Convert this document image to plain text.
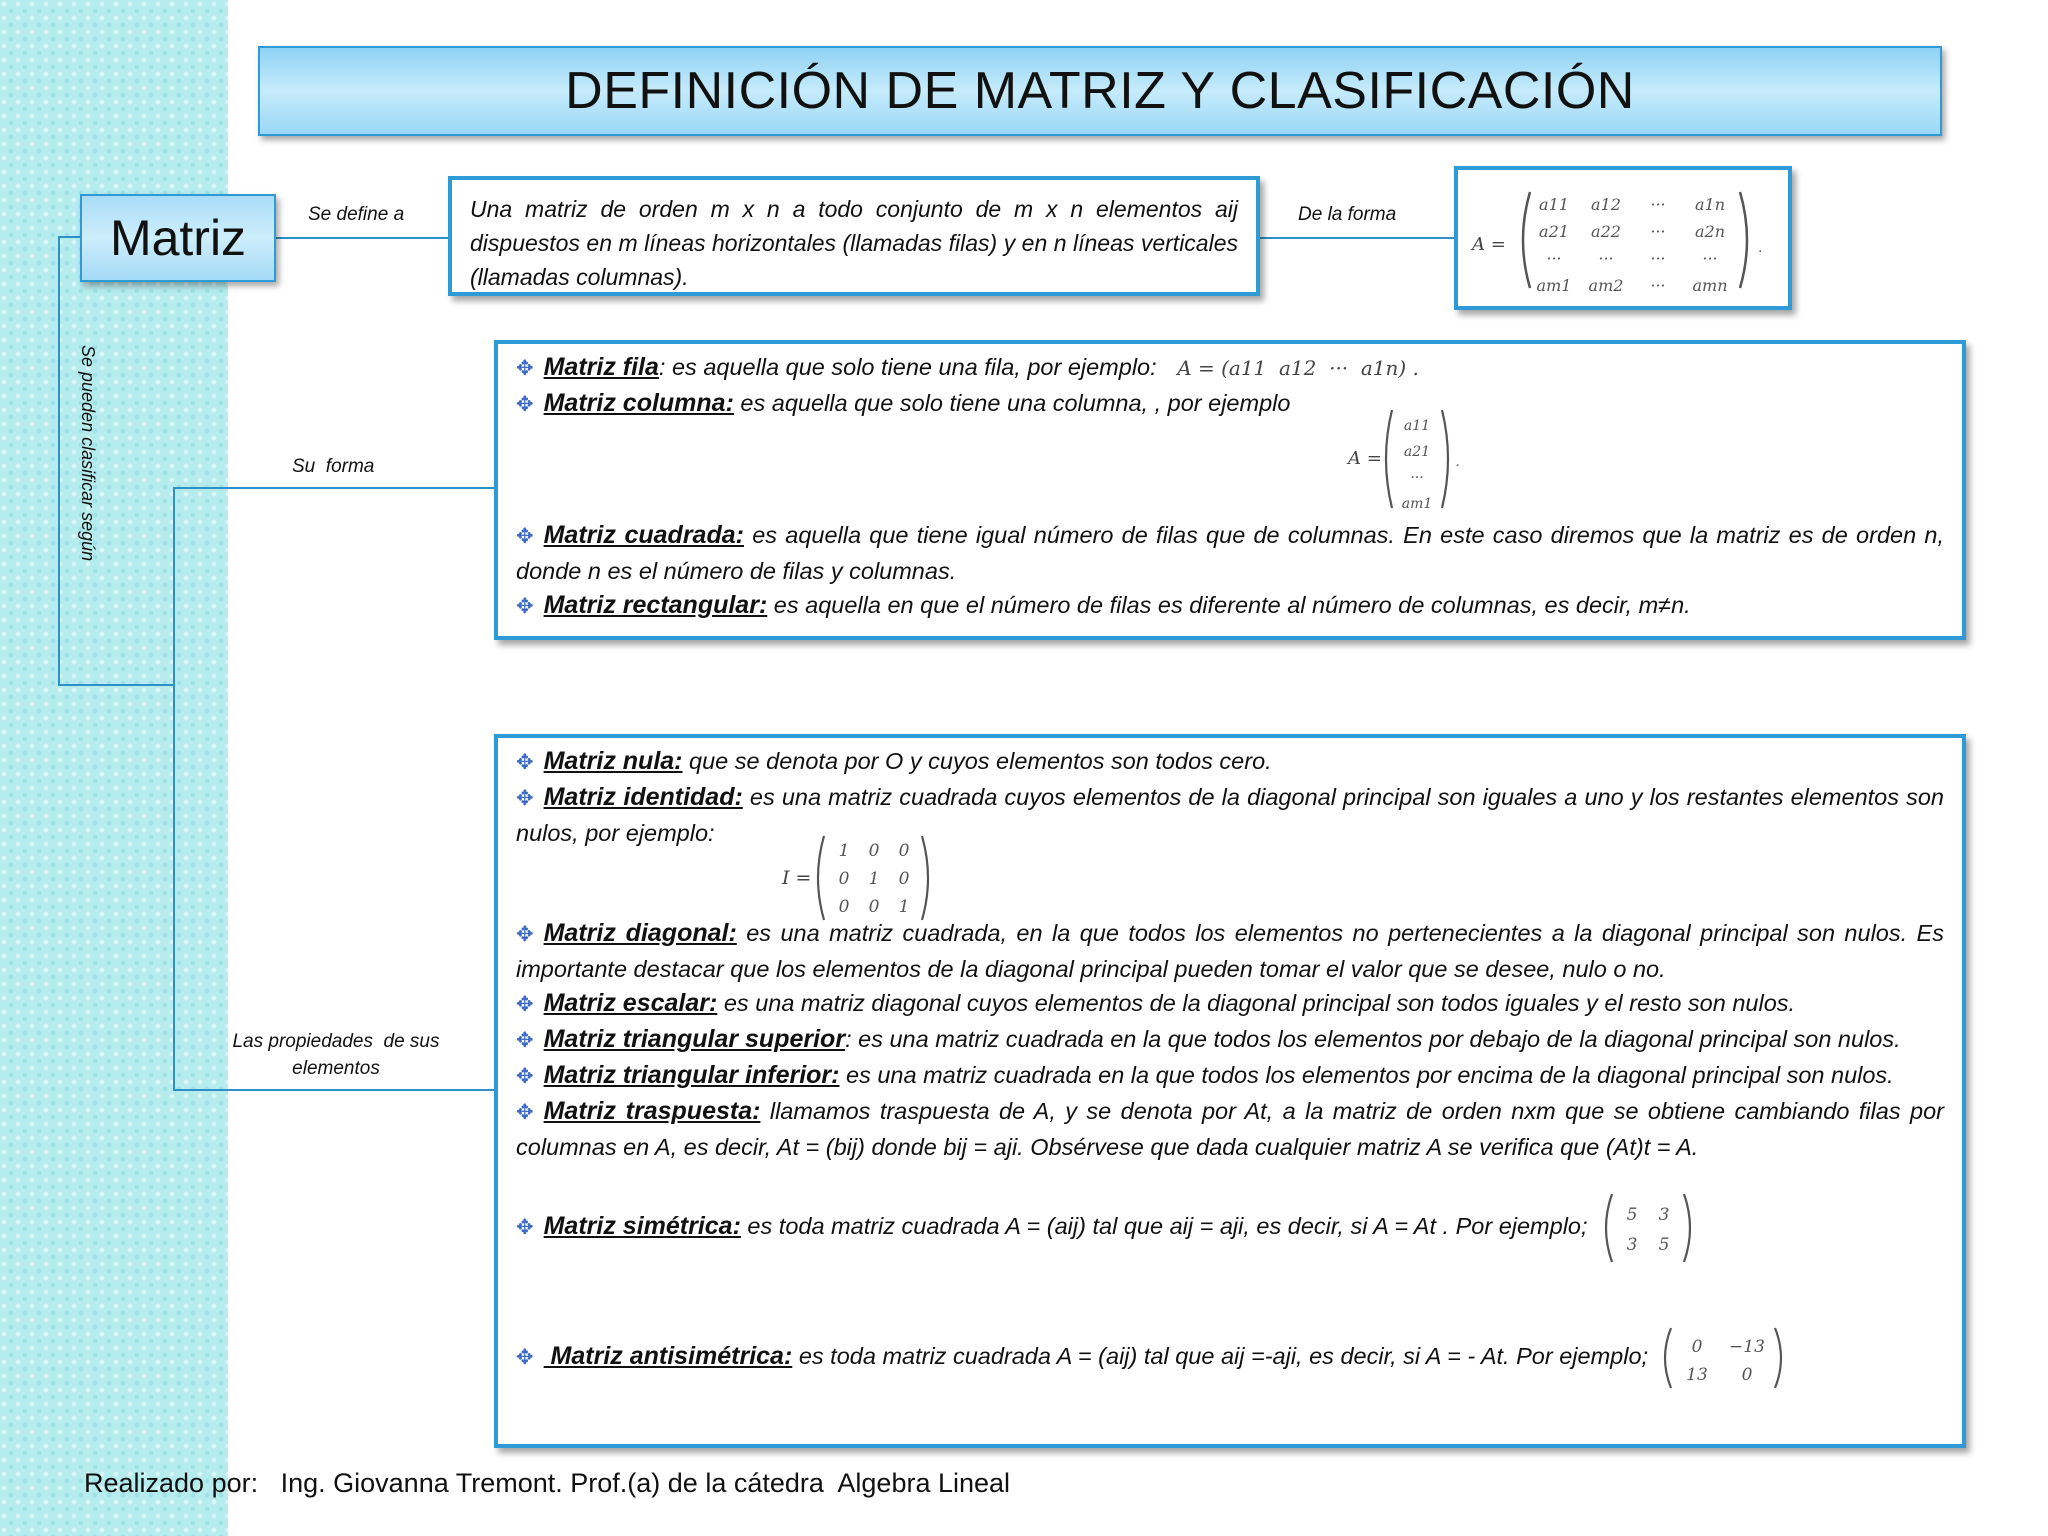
DEFINICIÓN DE MATRIZ Y CLASIFICACIÓN
Matriz	Se define a	De la forma
Se pueden clasificar según	Su  forma
Las propiedades  de sus
elementos
Una matriz de orden m x n a todo conjunto de m x n elementos aij dispuestos en m líneas horizontales (llamadas filas) y en n líneas verticales (llamadas columnas).
A =
a11 a12 ··· a1n
a21 a22 ··· a2n
··· ··· ··· ···
am1 am2 ··· amn
.
✥ Matriz fila: es aquella que solo tiene una fila, por ejemplo: A = (a11  a12  ···  a1n) .
✥ Matriz columna: es aquella que solo tiene una columna, , por ejemplo
A =
a11
a21
···
am1
.
✥ Matriz cuadrada: es aquella que tiene igual número de filas que de columnas. En este caso diremos que la matriz es de orden n, donde n es el número de filas y columnas.
✥ Matriz rectangular: es aquella en que el número de filas es diferente al número de columnas, es decir, m≠n.
✥ Matriz nula: que se denota por O y cuyos elementos son todos cero.
✥ Matriz identidad: es una matriz cuadrada cuyos elementos de la diagonal principal son iguales a uno y los restantes elementos son nulos, por ejemplo:
I =
1 0 0
0 1 0
0 0 1
✥ Matriz diagonal: es una matriz cuadrada, en la que todos los elementos no pertenecientes a la diagonal principal son nulos. Es importante destacar que los elementos de la diagonal principal pueden tomar el valor que se desee, nulo o no.
✥ Matriz escalar: es una matriz diagonal cuyos elementos de la diagonal principal son todos iguales y el resto son nulos.
✥ Matriz triangular superior: es una matriz cuadrada en la que todos los elementos por debajo de la diagonal principal son nulos.
✥ Matriz triangular inferior: es una matriz cuadrada en la que todos los elementos por encima de la diagonal principal son nulos.
✥ Matriz traspuesta: llamamos traspuesta de A, y se denota por At, a la matriz de orden nxm que se obtiene cambiando filas por columnas en A, es decir, At = (bij) donde bij = aji. Obsérvese que dada cualquier matriz A se verifica que (At)t = A.
✥ Matriz simétrica: es toda matriz cuadrada A = (aij) tal que aij = aji, es decir, si A = At . Por ejemplo; 5 3
3 5
✥ Matriz antisimétrica: es toda matriz cuadrada A = (aij) tal que aij =-aji, es decir, si A = - At. Por ejemplo;	0 −13
13 0
Realizado por:   Ing. Giovanna Tremont. Prof.(a) de la cátedra  Algebra Lineal
